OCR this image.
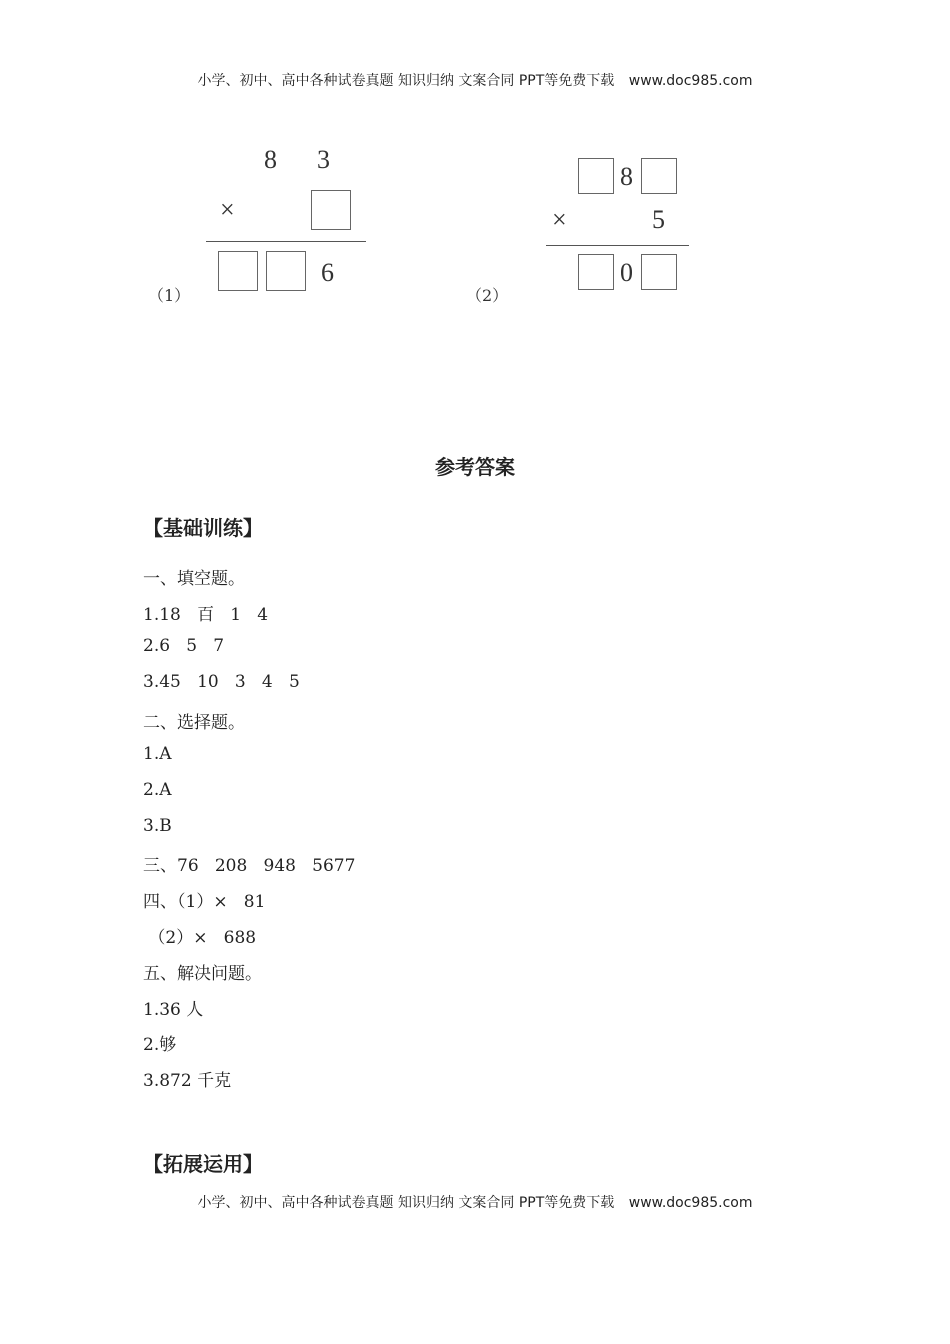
小学、初中、高中各种试卷真题 知识归纳 文案合同 PPT等免费下载 www.doc985.com
（1）
8 3
×
6
（2）
8
×	5
0
参考答案
【基础训练】
一、填空题。
1.18   百   1   4
2.6   5   7
3.45   10   3   4   5
二、选择题。
1.A
2.A
3.B
三、76   208   948   5677
四、（1）×   81
（2）×   688
五、解决问题。
1.36 人
2.够
3.872 千克
【拓展运用】
小学、初中、高中各种试卷真题 知识归纳 文案合同 PPT等免费下载 www.doc985.com
